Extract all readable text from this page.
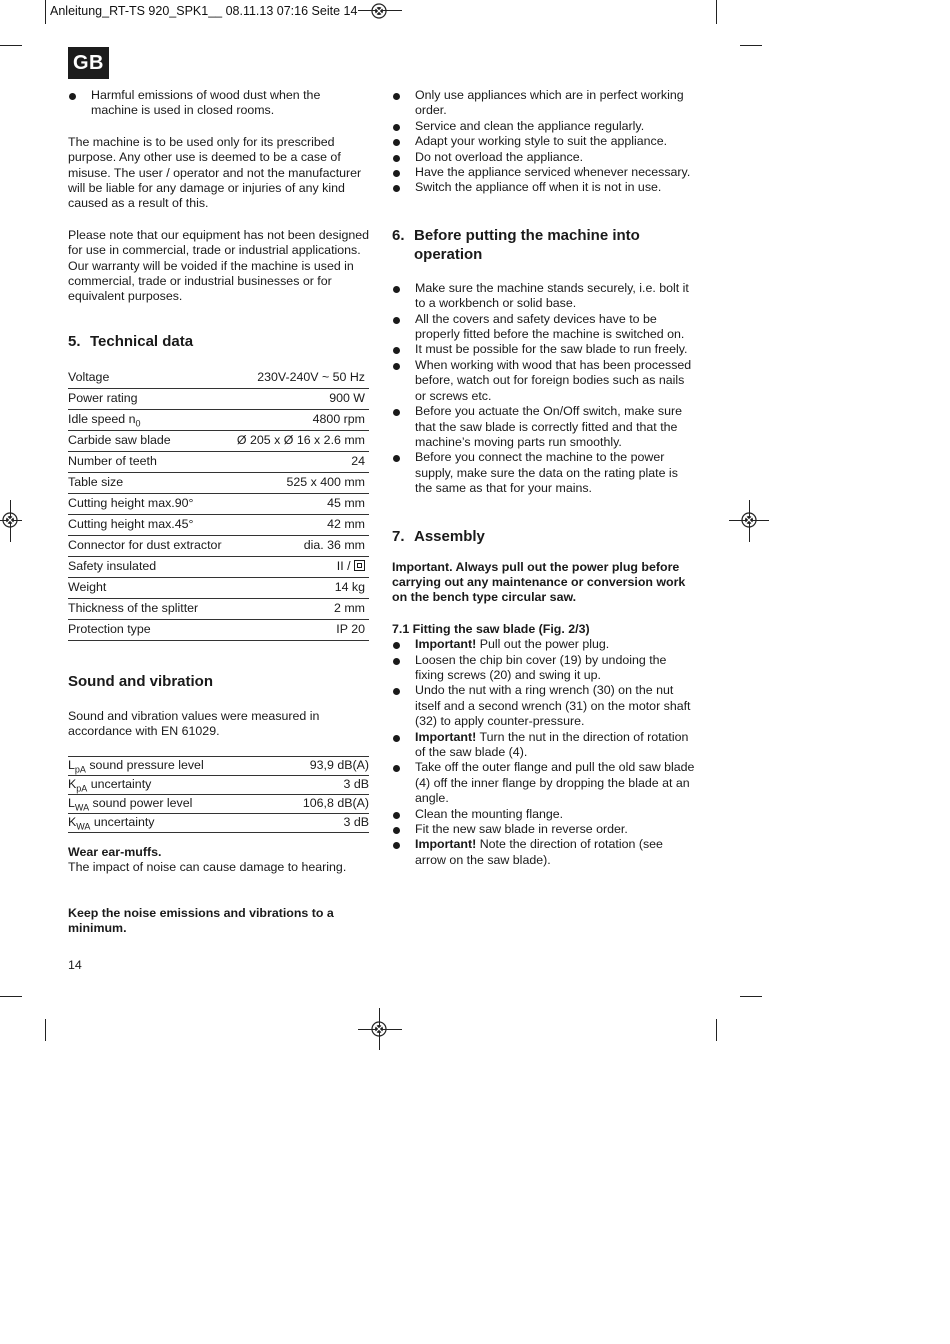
Anleitung_RT-TS 920_SPK1__ 08.11.13 07:16 Seite 14
GB
Harmful emissions of wood dust when the machine is used in closed rooms.

The machine is to be used only for its prescribed purpose. Any other use is deemed to be a case of misuse. The user / operator and not the manufacturer will be liable for any damage or injuries of any kind caused as a result of this.

Please note that our equipment has not been designed for use in commercial, trade or industrial applications. Our warranty will be voided if the machine is used in commercial, trade or industrial businesses or for equivalent purposes.

5. Technical data
Voltage	230V-240V ~ 50 Hz
Power rating	900 W
Idle speed $n_0$	4800 rpm
Carbide saw blade	Ø 205 x Ø 16 x 2.6 mm
Number of teeth	24
Table size	525 x 400 mm
Cutting height max.90°	45 mm
Cutting height max.45°	42 mm
Connector for dust extractor	dia. 36 mm
Safety insulated	II /
Weight	14 kg
Thickness of the splitter	2 mm
Protection type	IP 20
Sound and vibration

Sound and vibration values were measured in accordance with EN 61029.

$L_{pA}$ sound pressure level	93,9 dB(A)
$K_{pA}$ uncertainty	3 dB
$L_{WA}$ sound power level	106,8 dB(A)
$K_{WA}$ uncertainty	3 dB

Wear ear-muffs.

The impact of noise can cause damage to hearing.

Keep the noise emissions and vibrations to a minimum.

14
Only use appliances which are in perfect working order.
Service and clean the appliance regularly.
Adapt your working style to suit the appliance.
Do not overload the appliance.
Have the appliance serviced whenever necessary.
Switch the appliance off when it is not in use.
6. Before putting the machine into operation
Make sure the machine stands securely, i.e. bolt it to a workbench or solid base.
All the covers and safety devices have to be properly fitted before the machine is switched on.
It must be possible for the saw blade to run freely.
When working with wood that has been processed before, watch out for foreign bodies such as nails or screws etc.
Before you actuate the On/Off switch, make sure that the saw blade is correctly fitted and that the machine’s moving parts run smoothly.
Before you connect the machine to the power supply, make sure the data on the rating plate is the same as that for your mains.
7. Assembly

Important. Always pull out the power plug before carrying out any maintenance or conversion work on the bench type circular saw.

7.1 Fitting the saw blade (Fig. 2/3)

Important! Pull out the power plug.
Loosen the chip bin cover (19) by undoing the fixing screws (20) and swing it up.
Undo the nut with a ring wrench (30) on the nut itself and a second wrench (31) on the motor shaft (32) to apply counter-pressure.
Important! Turn the nut in the direction of rotation of the saw blade (4).
Take off the outer flange and pull the old saw blade (4) off the inner flange by dropping the blade at an angle.
Clean the mounting flange.
Fit the new saw blade in reverse order.
Important! Note the direction of rotation (see arrow on the saw blade).
